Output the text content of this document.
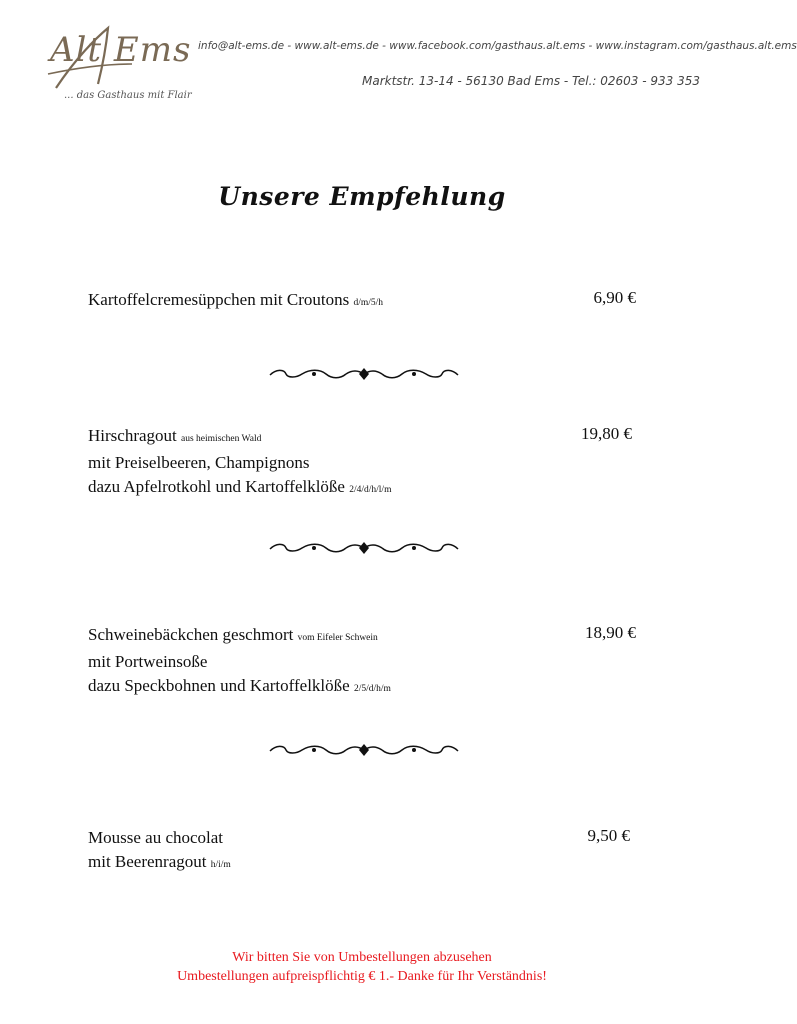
Alt Ems
... das Gasthaus mit Flair
info@alt-ems.de - www.alt-ems.de - www.facebook.com/gasthaus.alt.ems - www.instagram.com/gasthaus.alt.ems
Marktstr. 13-14 - 56130 Bad Ems - Tel.: 02603 - 933 353
Unsere Empfehlung
Kartoffelcremesüppchen mit Croutons d/m/5/h	6,90 €
Hirschragout aus heimischen Wald
mit Preiselbeeren, Champignons
dazu Apfelrotkohl und Kartoffelklöße 2/4/d/h/l/m
19,80 €
Schweinebäckchen geschmort vom Eifeler Schwein
mit Portweinsoße
dazu Speckbohnen und Kartoffelklöße 2/5/d/h/m
18,90 €
Mousse au chocolat
mit Beerenragout h/i/m
9,50 €
Wir bitten Sie von Umbestellungen abzusehen
Umbestellungen aufpreispflichtig € 1.- Danke für Ihr Verständnis!
